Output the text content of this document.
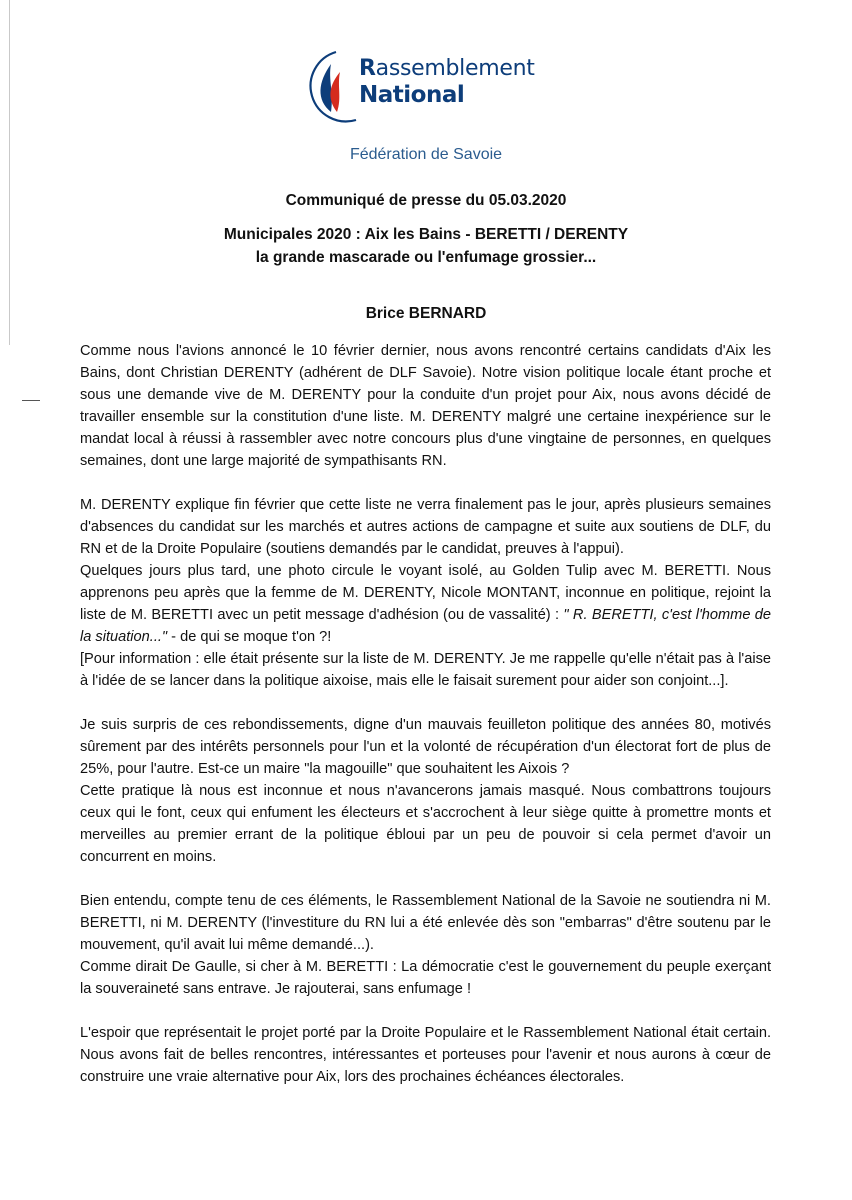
Rassemblement
National
Fédération de Savoie
Communiqué de presse du 05.03.2020
Municipales 2020 : Aix les Bains - BERETTI / DERENTY
la grande mascarade ou l'enfumage grossier...
Brice BERNARD

Comme nous l'avions annoncé le 10 février dernier, nous avons rencontré certains candidats d'Aix les Bains, dont Christian DERENTY (adhérent de DLF Savoie). Notre vision politique locale étant proche et sous une demande vive de M. DERENTY pour la conduite d'un projet pour Aix, nous avons décidé de travailler ensemble sur la constitution d'une liste. M. DERENTY malgré une certaine inexpérience sur le mandat local à réussi à rassembler avec notre concours plus d'une vingtaine de personnes, en quelques semaines, dont une large majorité de sympathisants RN.

M. DERENTY explique fin février que cette liste ne verra finalement pas le jour, après plusieurs semaines d'absences du candidat sur les marchés et autres actions de campagne et suite aux soutiens de DLF, du RN et de la Droite Populaire (soutiens demandés par le candidat, preuves à l'appui).

Quelques jours plus tard, une photo circule le voyant isolé, au Golden Tulip avec M. BERETTI. Nous apprenons peu après que la femme de M. DERENTY, Nicole MONTANT, inconnue en politique, rejoint la liste de M. BERETTI avec un petit message d'adhésion (ou de vassalité) : " R. BERETTI, c'est l'homme de la situation..." - de qui se moque t'on ?!

[Pour information : elle était présente sur la liste de M. DERENTY. Je me rappelle qu'elle n'était pas à l'aise à l'idée de se lancer dans la politique aixoise, mais elle le faisait surement pour aider son conjoint...].

Je suis surpris de ces rebondissements, digne d'un mauvais feuilleton politique des années 80, motivés sûrement par des intérêts personnels pour l'un et la volonté de récupération d'un électorat fort de plus de 25%, pour l'autre. Est-ce un maire "la magouille" que souhaitent les Aixois ?

Cette pratique là nous est inconnue et nous n'avancerons jamais masqué. Nous combattrons toujours ceux qui le font, ceux qui enfument les électeurs et s'accrochent à leur siège quitte à promettre monts et merveilles au premier errant de la politique ébloui par un peu de pouvoir si cela permet d'avoir un concurrent en moins.

Bien entendu, compte tenu de ces éléments, le Rassemblement National de la Savoie ne soutiendra ni M. BERETTI, ni M. DERENTY (l'investiture du RN lui a été enlevée dès son "embarras" d'être soutenu par le mouvement, qu'il avait lui même demandé...).

Comme dirait De Gaulle, si cher à M. BERETTI : La démocratie c'est le gouvernement du peuple exerçant la souveraineté sans entrave. Je rajouterai, sans enfumage !

L'espoir que représentait le projet porté par la Droite Populaire et le Rassemblement National était certain. Nous avons fait de belles rencontres, intéressantes et porteuses pour l'avenir et nous aurons à cœur de construire une vraie alternative pour Aix, lors des prochaines échéances électorales.
